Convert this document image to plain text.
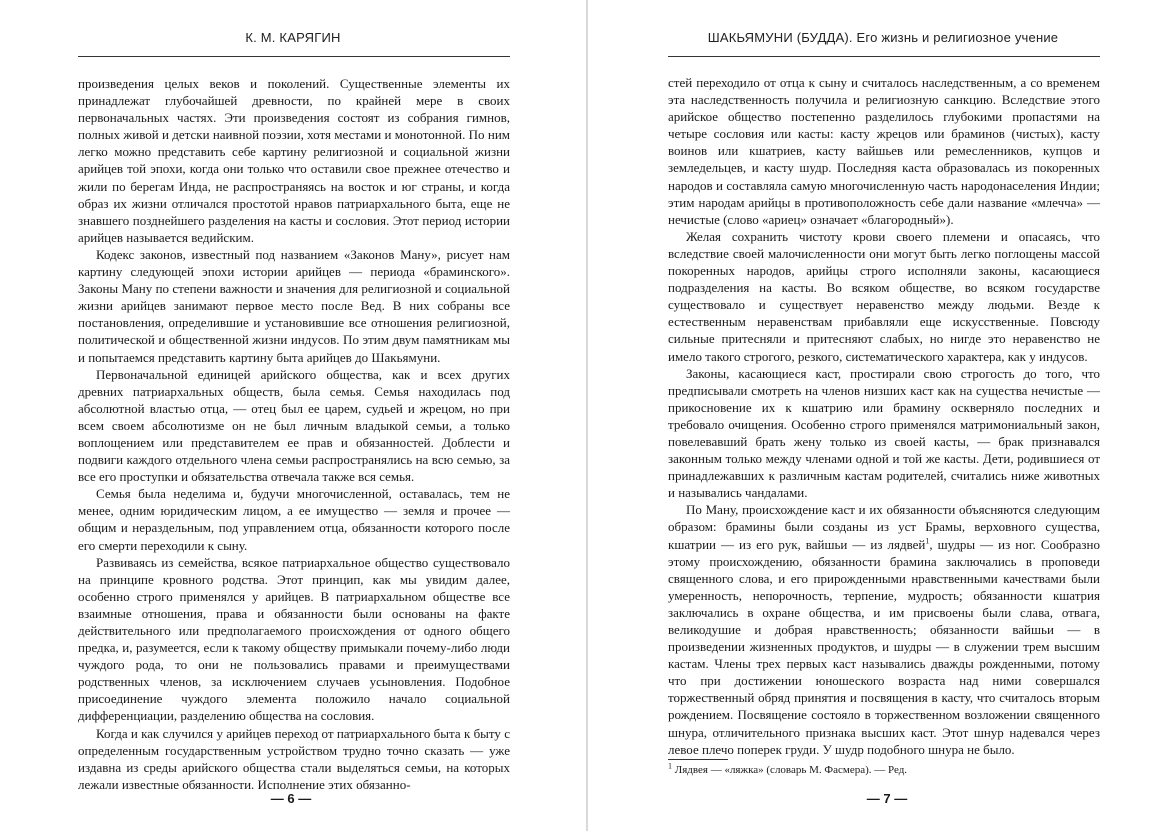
К. М. КАРЯГИН

произведения целых веков и поколений. Существенные элементы их принадлежат глубочайшей древности, по крайней мере в своих первоначальных частях. Эти произведения состоят из собрания гимнов, полных живой и детски наивной поэзии, хотя местами и монотонной. По ним легко можно представить себе картину религиозной и социальной жизни арийцев той эпохи, когда они только что оставили свое прежнее отечество и жили по берегам Инда, не распространяясь на восток и юг страны, и когда образ их жизни отличался простотой нравов патриархального быта, еще не знавшего позднейшего разделения на касты и сословия. Этот период истории арийцев называется ведийским.

Кодекс законов, известный под названием «Законов Ману», рисует нам картину следующей эпохи истории арийцев — периода «браминского». Законы Ману по степени важности и значения для религиозной и социальной жизни арийцев занимают первое место после Вед. В них собраны все постановления, определившие и установившие все отношения религиозной, политической и общественной жизни индусов. По этим двум памятникам мы и попытаемся представить картину быта арийцев до Шакьямуни.

Первоначальной единицей арийского общества, как и всех других древних патриархальных обществ, была семья. Семья находилась под абсолютной властью отца, — отец был ее царем, судьей и жрецом, но при всем своем абсолютизме он не был личным владыкой семьи, а только воплощением или представителем ее прав и обязанностей. Доблести и подвиги каждого отдельного члена семьи распространялись на всю семью, за все его проступки и обязательства отвечала также вся семья.

Семья была неделима и, будучи многочисленной, оставалась, тем не менее, одним юридическим лицом, а ее имущество — земля и прочее — общим и нераздельным, под управлением отца, обязанности которого после его смерти переходили к сыну.

Развиваясь из семейства, всякое патриархальное общество существовало на принципе кровного родства. Этот принцип, как мы увидим далее, особенно строго применялся у арийцев. В патриархальном обществе все взаимные отношения, права и обязанности были основаны на факте действительного или предполагаемого происхождения от одного общего предка, и, разумеется, если к такому обществу примыкали почему-либо люди чуждого рода, то они не пользовались правами и преимуществами родственных членов, за исключением случаев усыновления. Подобное присоединение чуждого элемента положило начало социальной дифференциации, разделению общества на сословия.

Когда и как случился у арийцев переход от патриархального быта к быту с определенным государственным устройством трудно точно сказать — уже издавна из среды арийского общества стали выделяться семьи, на которых лежали известные обязанности. Исполнение этих обязанно-

— 6 —
ШАКЬЯМУНИ (БУДДА). Его жизнь и религиозное учение

стей переходило от отца к сыну и считалось наследственным, а со временем эта наследственность получила и религиозную санкцию. Вследствие этого арийское общество постепенно разделилось глубокими пропастями на четыре сословия или касты: касту жрецов или браминов (чистых), касту воинов или кшатриев, касту вайшьев или ремесленников, купцов и земледельцев, и касту шудр. Последняя каста образовалась из покоренных народов и составляла самую многочисленную часть народонаселения Индии; этим народам арийцы в противоположность себе дали название «млечча» — нечистые (слово «ариец» означает «благородный»).

Желая сохранить чистоту крови своего племени и опасаясь, что вследствие своей малочисленности они могут быть легко поглощены массой покоренных народов, арийцы строго исполняли законы, касающиеся подразделения на касты. Во всяком обществе, во всяком государстве существовало и существует неравенство между людьми. Везде к естественным неравенствам прибавляли еще искусственные. Повсюду сильные притесняли и притесняют слабых, но нигде это неравенство не имело такого строгого, резкого, систематического характера, как у индусов.

Законы, касающиеся каст, простирали свою строгость до того, что предписывали смотреть на членов низших каст как на существа нечистые — прикосновение их к кшатрию или брамину оскверняло последних и требовало очищения. Особенно строго применялся матримониальный закон, повелевавший брать жену только из своей касты, — брак признавался законным только между членами одной и той же касты. Дети, родившиеся от принадлежавших к различным кастам родителей, считались ниже животных и назывались чандалами.

По Ману, происхождение каст и их обязанности объясняются следующим образом: брамины были созданы из уст Брамы, верховного существа, кшатрии — из его рук, вайшьи — из лядвей$^1$, шудры — из ног. Сообразно этому происхождению, обязанности брамина заключались в проповеди священного слова, и его прирожденными нравственными качествами были умеренность, непорочность, терпение, мудрость; обязанности кшатрия заключались в охране общества, и им присвоены были слава, отвага, великодушие и добрая нравственность; обязанности вайшьи — в произведении жизненных продуктов, и шудры — в служении трем высшим кастам. Члены трех первых каст назывались дважды рожденными, потому что при достижении юношеского возраста над ними совершался торжественный обряд принятия и посвящения в касту, что считалось вторым рождением. Посвящение состояло в торжественном возложении священного шнура, отличительного признака высших каст. Этот шнур надевался через левое плечо поперек груди. У шудр подобного шнура не было.

$^1$ Лядвея — «ляжка» (словарь М. Фасмера). — Ред.
— 7 —
